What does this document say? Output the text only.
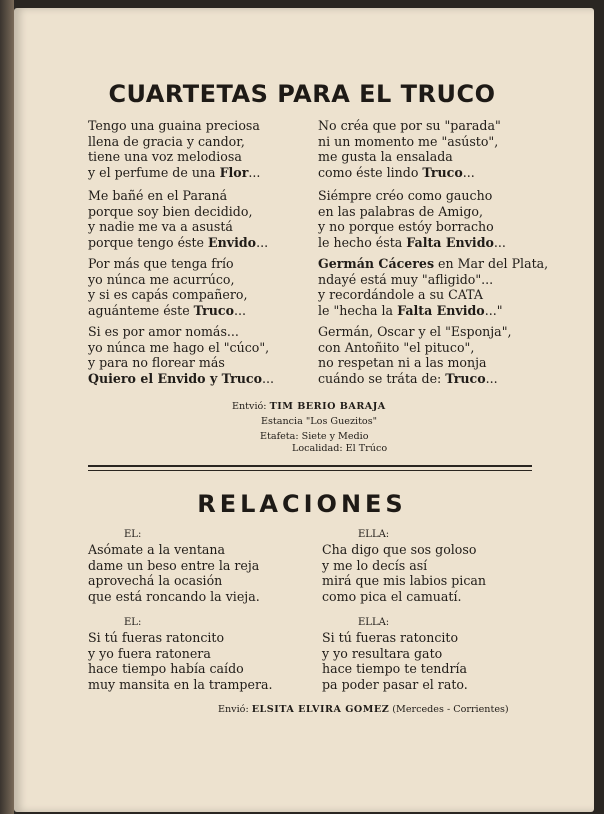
CUARTETAS PARA EL TRUCO
Tengo una guaina preciosa
llena de gracia y candor,
tiene una voz melodiosa
y el perfume de una Flor...
Me bañé en el Paraná
porque soy bien decidido,
y nadie me va a asustá
porque tengo éste Envido...
Por más que tenga frío
yo núnca me acurrúco,
y si es capás compañero,
aguánteme éste Truco...
Si es por amor nomás...
yo núnca me hago el "cúco",
y para no florear más
Quiero el Envido y Truco...
No créa que por su "parada"
ni un momento me "asústo",
me gusta la ensalada
como éste lindo Truco...
Siémpre créo como gaucho
en las palabras de Amigo,
y no porque estóy borracho
le hecho ésta Falta Envido...
Germán Cáceres en Mar del Plata,
ndayé está muy "afligido"...
y recordándole a su CATA
le "hecha la Falta Envido..."
Germán, Oscar y el "Esponja",
con Antoñito "el pituco",
no respetan ni a las monja
cuándo se tráta de: Truco...
Entvió: TIM BERIO BARAJA
Estancia "Los Guezitos"
Etafeta: Siete y Medio
Localidad: El Trúco
RELACIONES
EL:
Asómate a la ventana
dame un beso entre la reja
aprovechá la ocasión
que está roncando la vieja.
ELLA:
Cha digo que sos goloso
y me lo decís así
mirá que mis labios pican
como pica el camuatí.
EL:
Si tú fueras ratoncito
y yo fuera ratonera
hace tiempo había caído
muy mansita en la trampera.
ELLA:
Si tú fueras ratoncito
y yo resultara gato
hace tiempo te tendría
pa poder pasar el rato.
Envió: ELSITA ELVIRA GOMEZ (Mercedes - Corrientes)
